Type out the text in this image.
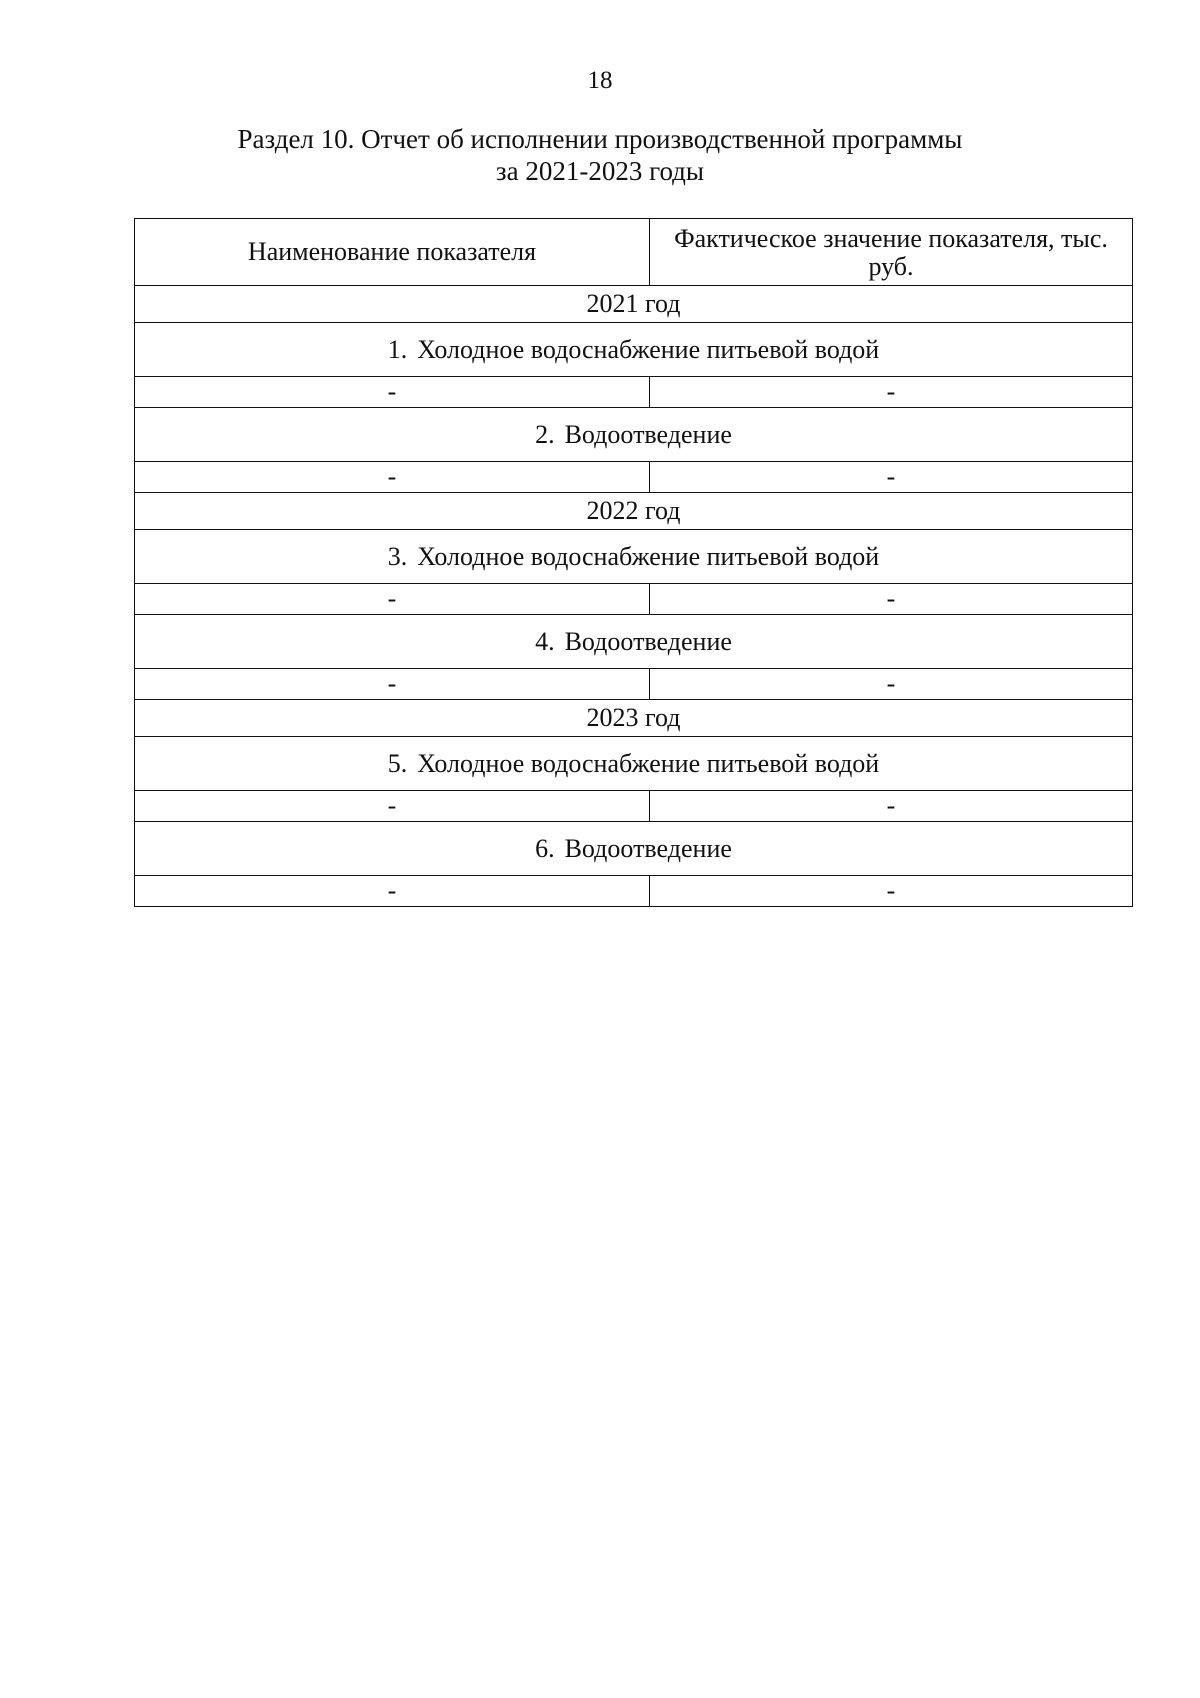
18
Раздел 10. Отчет об исполнении производственной программы
за 2021-2023 годы
Наименование показателя	Фактическое значение показателя, тыс. руб.
2021 год	
1. Холодное водоснабжение питьевой водой	
-	-
2. Водоотведение	
-	-
2022 год	
3. Холодное водоснабжение питьевой водой	
-	-
4. Водоотведение	
-	-
2023 год	
5. Холодное водоснабжение питьевой водой	
-	-
6. Водоотведение	
-	-
